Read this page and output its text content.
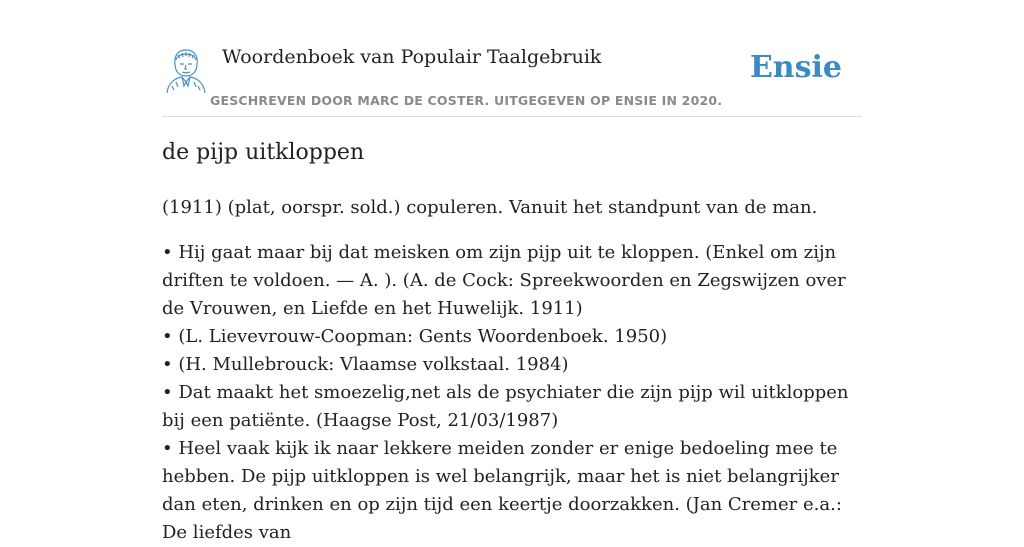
Woordenboek van Populair Taalgebruik
GESCHREVEN DOOR MARC DE COSTER. UITGEGEVEN OP ENSIE IN 2020.
Ensie
de pijp uitkloppen

(1911) (plat, oorspr. sold.) copuleren. Vanuit het standpunt van de man.

• Hij gaat maar bij dat meisken om zijn pijp uit te kloppen. (Enkel om zijn driften te voldoen. — A. ). (A. de Cock: Spreekwoorden en Zegswijzen over de Vrouwen, en Liefde en het Huwelijk. 1911)
• (L. Lievevrouw-Coopman: Gents Woordenboek. 1950)
• (H. Mullebrouck: Vlaamse volkstaal. 1984)
• Dat maakt het smoezelig,net als de psychiater die zijn pijp wil uitkloppen bij een patiënte. (Haagse Post, 21/03/1987)
• Heel vaak kijk ik naar lekkere meiden zonder er enige bedoeling mee te hebben. De pijp uitkloppen is wel belangrijk, maar het is niet belangrijker dan eten, drinken en op zijn tijd een keertje doorzakken. (Jan Cremer e.a.: De liefdes van
